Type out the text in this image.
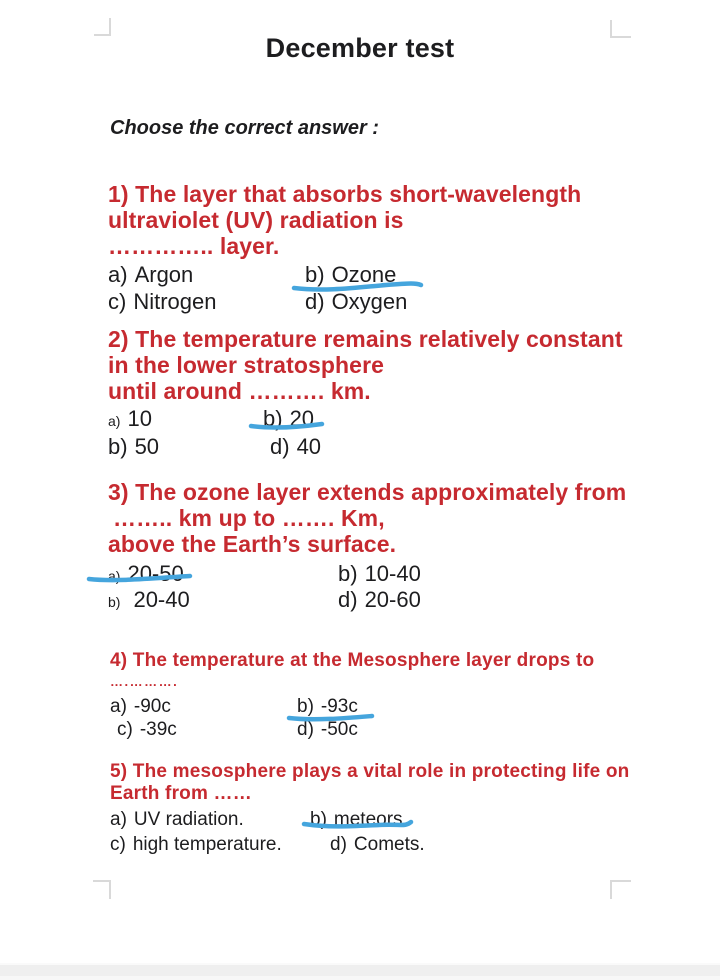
December test
Choose the correct answer :
1) The layer that absorbs short-wavelength
ultraviolet (UV) radiation is
………….. layer.
a) Argon	b) Ozone
c) Nitrogen	d) Oxygen
2) The temperature remains relatively constant
in the lower stratosphere
until around ………. km.
a) 10	b) 20
b) 50	d) 40
3) The ozone layer extends approximately from
…….. km up to ……. Km,
above the Earth’s surface.
a) 20-50	b) 10-40
b) 20-40	d) 20-60
4) The temperature at the Mesosphere layer drops to
….……….
a) -90c	b) -93c
c) -39c	d) -50c
5) The mesosphere plays a vital role in protecting life on
Earth from ……
a) UV radiation.	b) meteors.
c) high temperature.	d) Comets.
